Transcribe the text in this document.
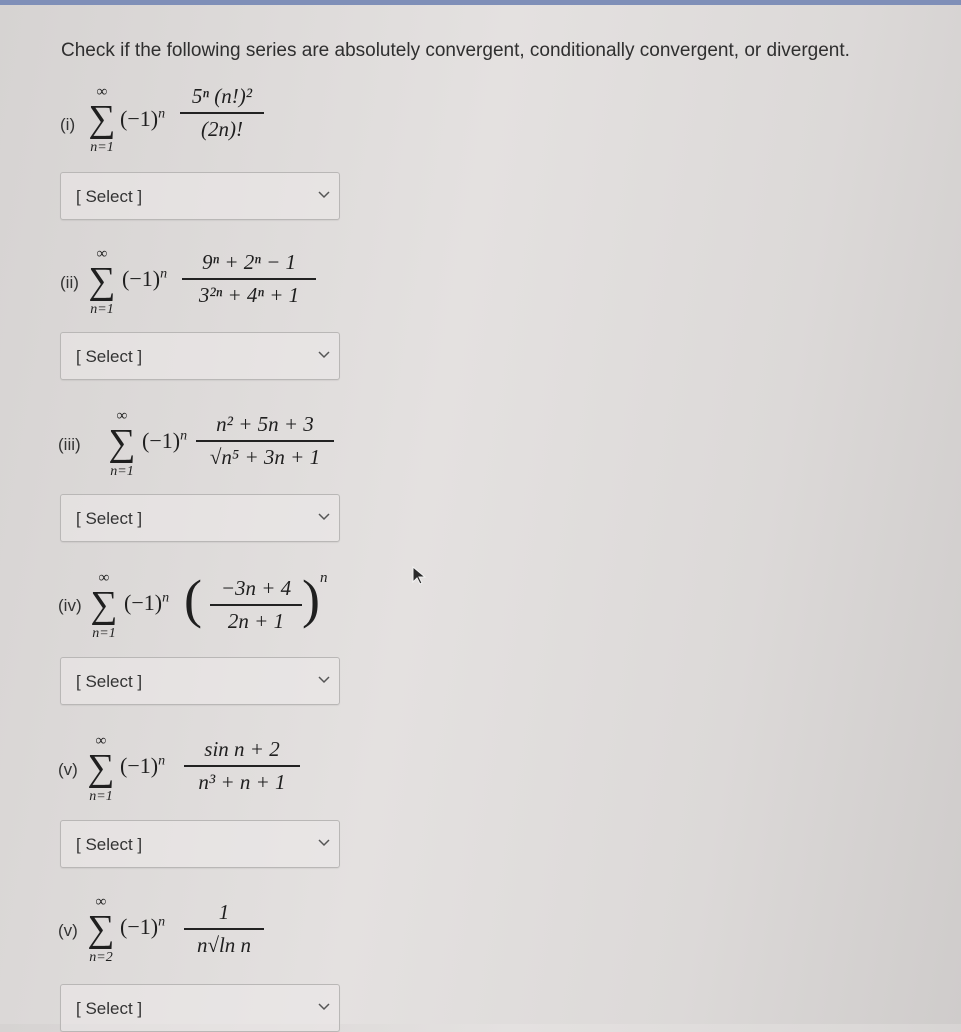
Check if the following series are absolutely convergent, conditionally convergent, or divergent.
(i)
∞
∑
n=1
$(-1)^n$
5ⁿ (n!)²
(2n)!
[ Select ]
(ii)
∞
∑
n=1
$(-1)^n$
9ⁿ + 2ⁿ − 1
3²ⁿ + 4ⁿ + 1
[ Select ]
(iii)
∞
∑
n=1
$(-1)^n$
n² + 5n + 3
√n⁵ + 3n + 1
[ Select ]
(iv)
∞
∑
n=1
$(-1)^n$ ( −3n + 4
2n + 1 ) n
[ Select ]
(v)
∞
∑
n=1
$(-1)^n$
sin n + 2
n³ + n + 1
[ Select ]
(v)
∞
∑
n=2
$(-1)^n$	1
n√ln n
[ Select ]
